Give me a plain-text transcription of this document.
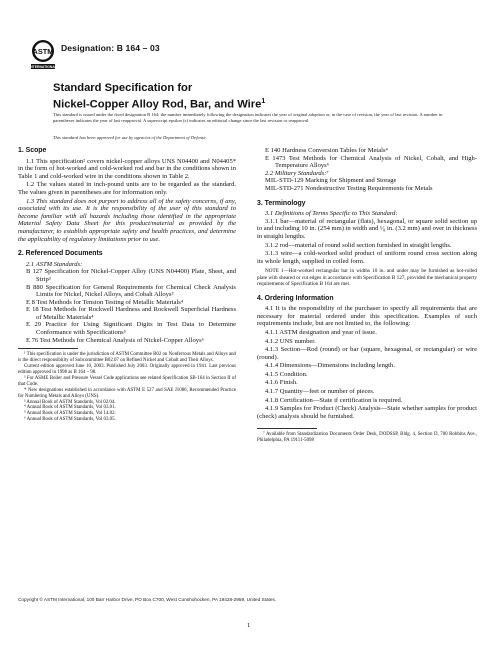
ASTM
INTERNATIONAL
Designation: B 164 – 03
Standard Specification for
Nickel-Copper Alloy Rod, Bar, and Wire$^1$
This standard is issued under the fixed designation B 164; the number immediately following the designation indicates the year of original adoption or, in the case of revision, the year of last revision. A number in parentheses indicates the year of last reapproval. A superscript epsilon (ε) indicates an editorial change since the last revision or reapproval.
This standard has been approved for use by agencies of the Department of Defense.
1. Scope
1.1 This specification² covers nickel-copper alloys UNS N04400 and N04405* in the form of hot-worked and cold-worked rod and bar in the conditions shown in Table 1 and cold-worked wire in the conditions shown in Table 2.
1.2 The values stated in inch-pound units are to be regarded as the standard. The values given in parentheses are for information only.
1.3 This standard does not purport to address all of the safety concerns, if any, associated with its use. It is the responsibility of the user of this standard to become familiar with all hazards including those identified in the appropriate Material Safety Data Sheet for this product/material as provided by the manufacturer, to establish appropriate safety and health practices, and determine the applicability of regulatory limitations prior to use.
2. Referenced Documents
2.1 ASTM Standards:
B 127 Specification for Nickel-Copper Alloy (UNS N04400) Plate, Sheet, and Strip³
B 880 Specification for General Requirements for Chemical Check Analysis Limits for Nickel, Nickel Alloys, and Cobalt Alloys³
E 8 Test Methods for Tension Testing of Metallic Materials⁴
E 18 Test Methods for Rockwell Hardness and Rockwell Superficial Hardness of Metallic Materials⁴
E 29 Practice for Using Significant Digits in Test Data to Determine Conformance with Specifications⁵
E 76 Test Methods for Chemical Analysis of Nickel-Copper Alloys⁶
¹ This specification is under the jurisdiction of ASTM Committee B02 on Nonferrous Metals and Alloys and is the direct responsibility of Subcommittee B02.07 on Refined Nickel and Cobalt and Their Alloys.
Current edition approved June 10, 2003. Published July 2003. Originally approved in 1941. Last previous edition approved in 1998 as B 164 – 98.
² For ASME Boiler and Pressure Vessel Code applications see related Specification SB-164 in Section II of that Code.
* New designations established in accordance with ASTM E 527 and SAE J1086, Recommended Practice for Numbering Metals and Alloys (UNS).
³ Annual Book of ASTM Standards, Vol 02.04.
⁴ Annual Book of ASTM Standards, Vol 03.01.
⁵ Annual Book of ASTM Standards, Vol 14.02.
⁶ Annual Book of ASTM Standards, Vol 03.05.
E 140 Hardness Conversion Tables for Metals⁴
E 1473 Test Methods for Chemical Analysis of Nickel, Cobalt, and High-Temperature Alloys⁶
2.2 Military Standards:⁷
MIL-STD-129 Marking for Shipment and Storage
MIL-STD-271 Nondestructive Testing Requirements for Metals
3. Terminology
3.1 Definitions of Terms Specific to This Standard:
3.1.1 bar—material of rectangular (flats), hexagonal, or square solid section up to and including 10 in. (254 mm) in width and ¹⁄₈ in. (3.2 mm) and over in thickness in straight lengths.
3.1.2 rod—material of round solid section furnished in straight lengths.
3.1.3 wire—a cold-worked solid product of uniform round cross section along its whole length, supplied in coiled form.
NOTE 1—Hot-worked rectangular bar in widths 10 in. and under may be furnished as hot-rolled plate with sheared or cut edges in accordance with Specification B 127, provided the mechanical property requirements of Specification B 164 are met.
4. Ordering Information
4.1 It is the responsibility of the purchaser to specify all requirements that are necessary for material ordered under this specification. Examples of such requirements include, but are not limited to, the following:
4.1.1 ASTM designation and year of issue.
4.1.2 UNS number.
4.1.3 Section—Rod (round) or bar (square, hexagonal, or rectangular) or wire (round).
4.1.4 Dimensions—Dimensions including length.
4.1.5 Condition.
4.1.6 Finish.
4.1.7 Quantity—feet or number of pieces.
4.1.8 Certification—State if certification is required.
4.1.9 Samples for Product (Check) Analysis—State whether samples for product (check) analysis should be furnished.
⁷ Available from Standardization Documents Order Desk, DODSSP, Bldg. 4, Section D, 700 Robbins Ave., Philadelphia, PA 19111-5098
Copyright © ASTM International, 100 Barr Harbor Drive, PO Box C700, West Conshohocken, PA 19428-2959, United States.
1
